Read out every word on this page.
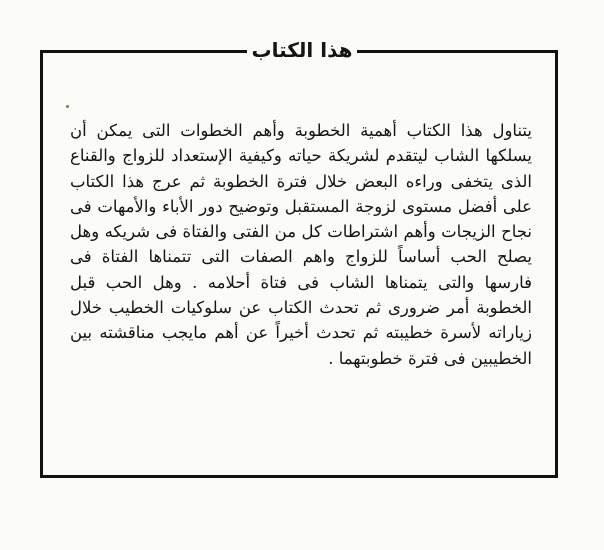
هذا الكتاب

يتناول هذا الكتاب أهمية الخطوبة وأهم الخطوات التى يمكن أن يسلكها الشاب ليتقدم لشريكة حياته وكيفية الإستعداد للزواج والقناع الذى يتخفى وراءه البعض خلال فترة الخطوبة ثم عرج هذا الكتاب على أفضل مستوى لزوجة المستقبل وتوضيح دور الأباء والأمهات فى نجاح الزيجات وأهم اشتراطات كل من الفتى والفتاة فى شريكه وهل يصلح الحب أساساً للزواج واهم الصفات التى تتمناها الفتاة فى فارسها والتى يتمناها الشاب فى فتاة أحلامه . وهل الحب قبل الخطوبة أمر ضرورى ثم تحدث الكتاب عن سلوكيات الخطيب خلال زياراته لأسرة خطيبته ثم تحدث أخيراً عن أهم مايجب مناقشته بين الخطيبين فى فترة خطوبتهما .
